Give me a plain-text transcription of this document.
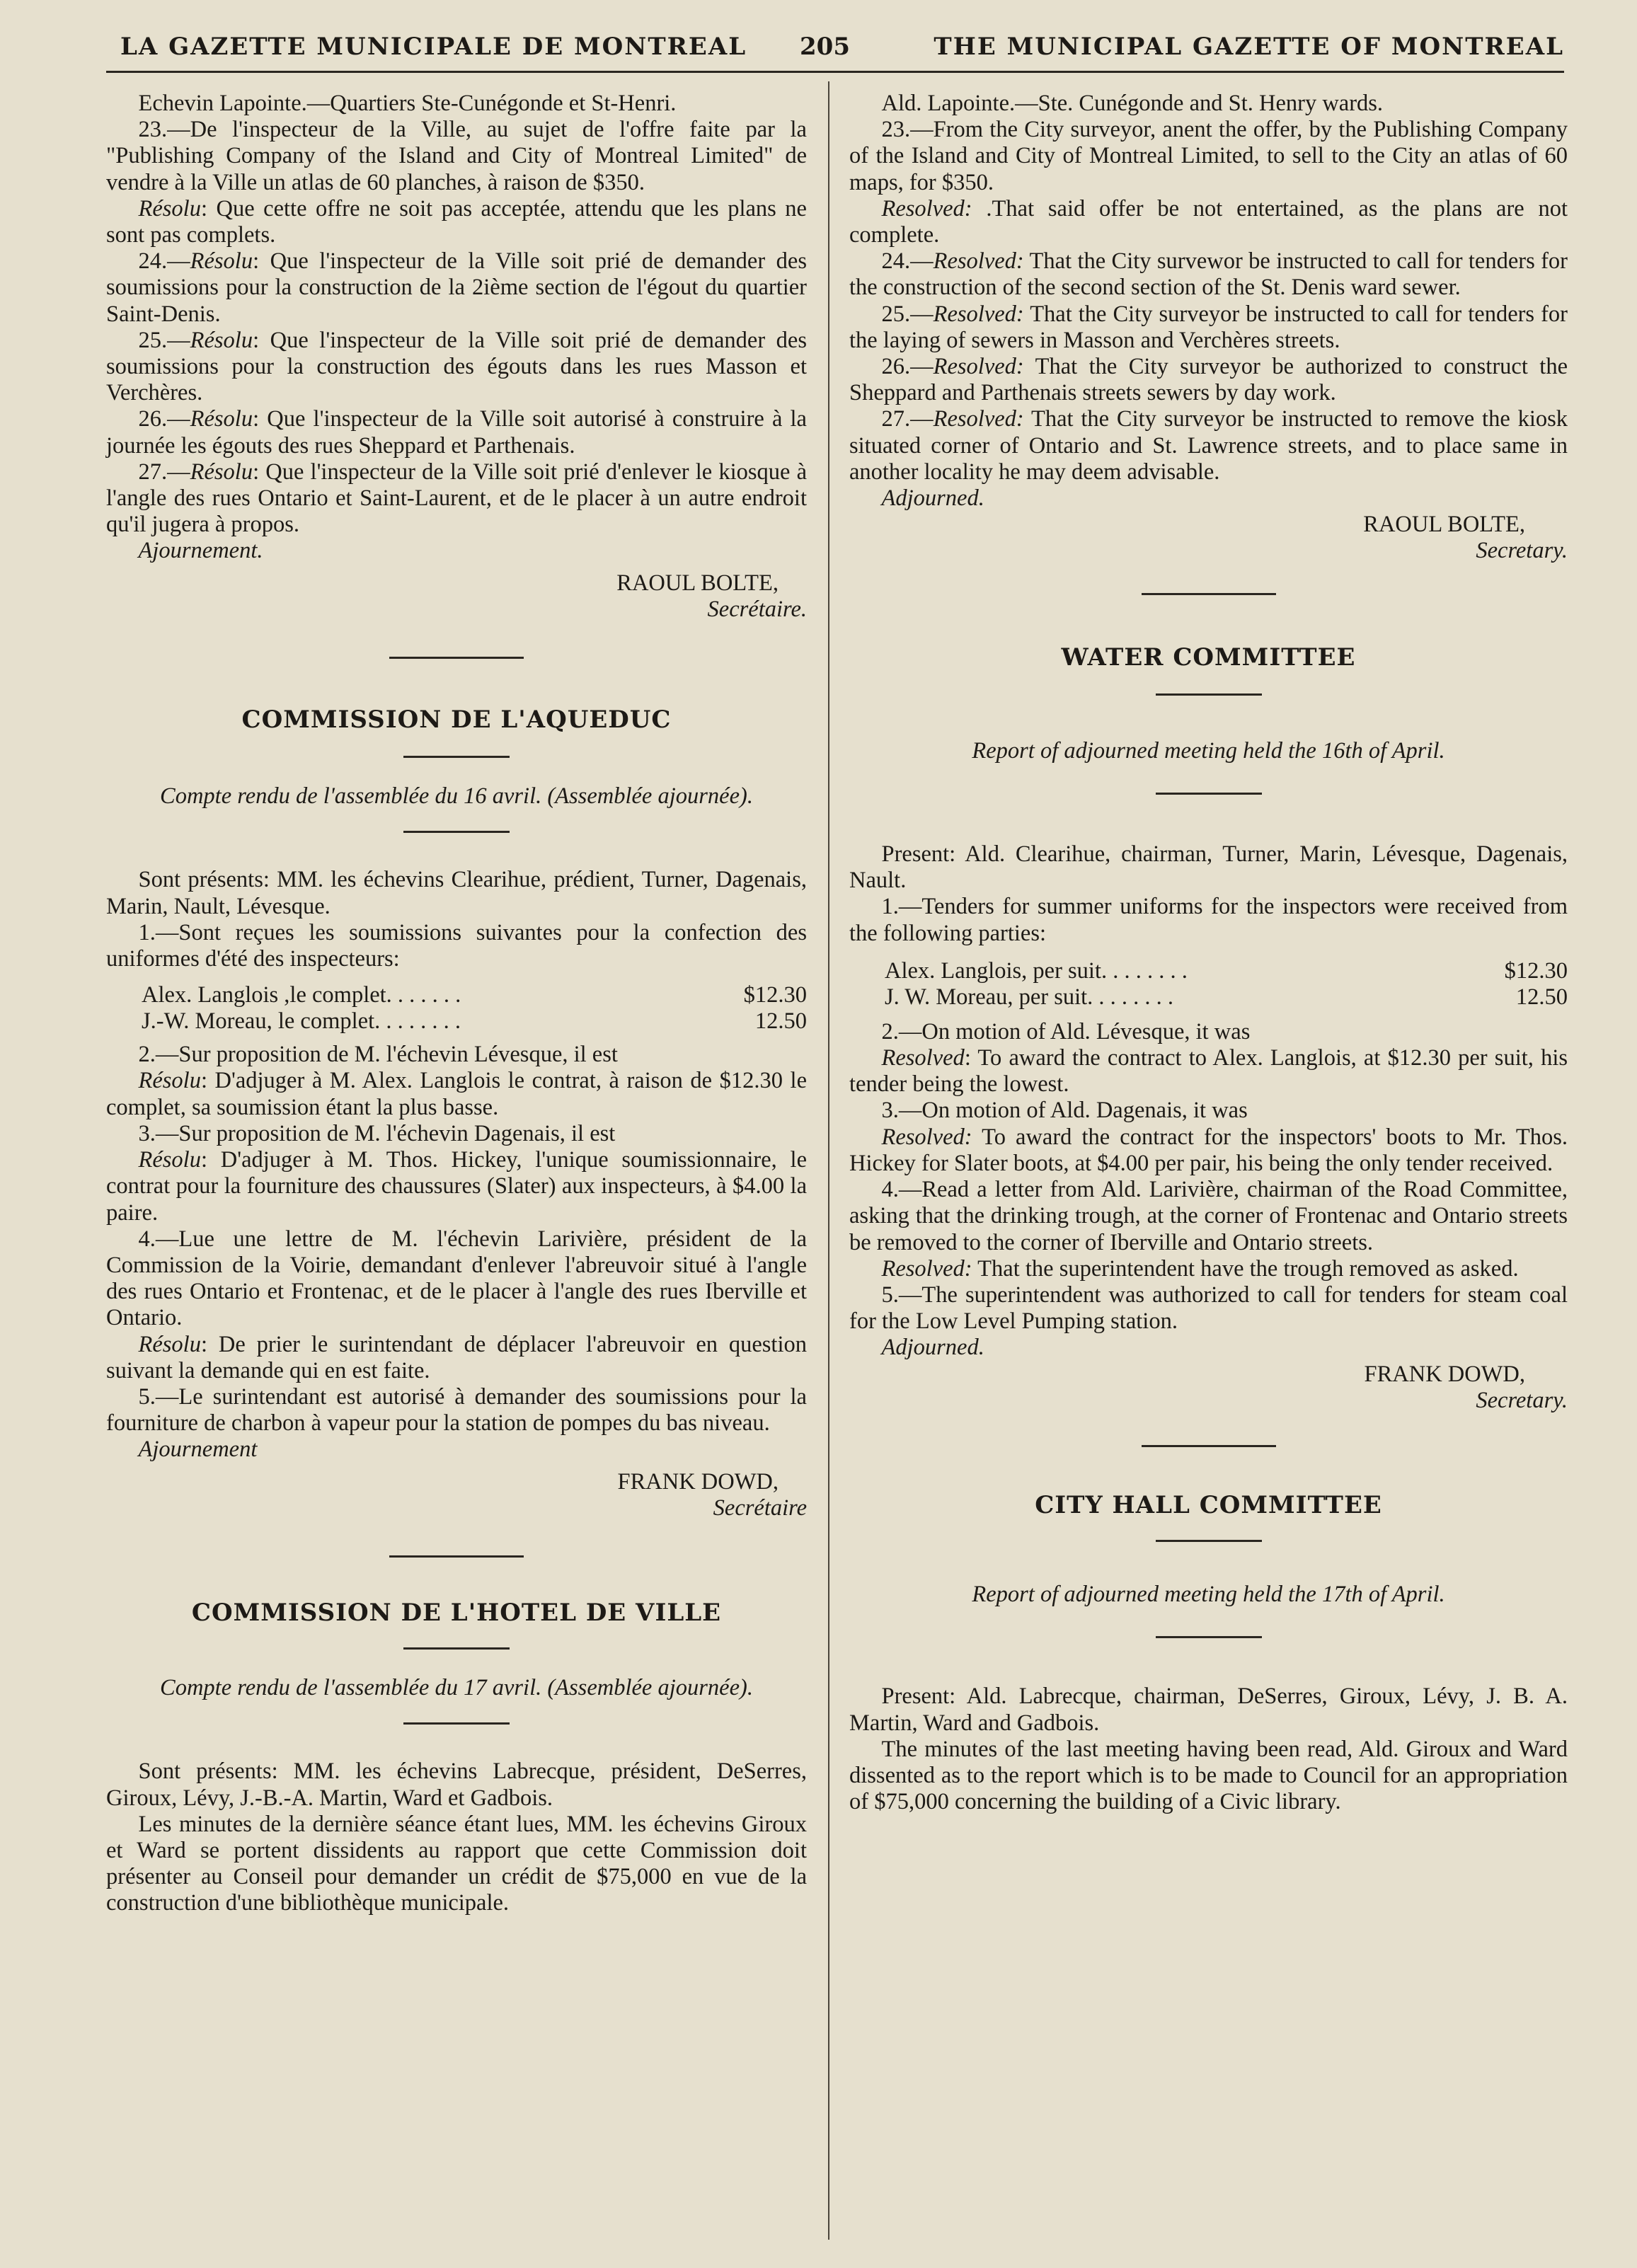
LA GAZETTE MUNICIPALE DE MONTREAL 205	THE MUNICIPAL GAZETTE OF MONTREAL

Echevin Lapointe.—Quartiers Ste-Cunégonde et St-Henri.

23.—De l'inspecteur de la Ville, au sujet de l'offre faite par la "Publishing Company of the Island and City of Montreal Limited" de vendre à la Ville un atlas de 60 planches, à raison de $350.

Résolu: Que cette offre ne soit pas acceptée, attendu que les plans ne sont pas complets.

24.—Résolu: Que l'inspecteur de la Ville soit prié de demander des soumissions pour la construction de la 2ième section de l'égout du quartier Saint-Denis.

25.—Résolu: Que l'inspecteur de la Ville soit prié de demander des soumissions pour la construction des égouts dans les rues Masson et Verchères.

26.—Résolu: Que l'inspecteur de la Ville soit autorisé à construire à la journée les égouts des rues Sheppard et Parthenais.

27.—Résolu: Que l'inspecteur de la Ville soit prié d'enlever le kiosque à l'angle des rues Ontario et Saint-Laurent, et de le placer à un autre endroit qu'il jugera à propos.

Ajournement.

RAOUL BOLTE,

Secrétaire.

COMMISSION DE L'AQUEDUC

Compte rendu de l'assemblée du 16 avril. (Assemblée ajournée).

Sont présents: MM. les échevins Clearihue, prédient, Turner, Dagenais, Marin, Nault, Lévesque.

1.—Sont reçues les soumissions suivantes pour la confection des uniformes d'été des inspecteurs:

Alex. Langlois ,le complet. . . . . . .	$12.30
J.-W. Moreau, le complet. . . . . . . .	12.50

2.—Sur proposition de M. l'échevin Lévesque, il est

Résolu: D'adjuger à M. Alex. Langlois le contrat, à raison de $12.30 le complet, sa soumission étant la plus basse.

3.—Sur proposition de M. l'échevin Dagenais, il est

Résolu: D'adjuger à M. Thos. Hickey, l'unique soumissionnaire, le contrat pour la fourniture des chaussures (Slater) aux inspecteurs, à $4.00 la paire.

4.—Lue une lettre de M. l'échevin Larivière, président de la Commission de la Voirie, demandant d'enlever l'abreuvoir situé à l'angle des rues Ontario et Frontenac, et de le placer à l'angle des rues Iberville et Ontario.

Résolu: De prier le surintendant de déplacer l'abreuvoir en question suivant la demande qui en est faite.

5.—Le surintendant est autorisé à demander des soumissions pour la fourniture de charbon à vapeur pour la station de pompes du bas niveau.

Ajournement

FRANK DOWD,

Secrétaire

COMMISSION DE L'HOTEL DE VILLE

Compte rendu de l'assemblée du 17 avril. (Assemblée ajournée).

Sont présents: MM. les échevins Labrecque, président, DeSerres, Giroux, Lévy, J.-B.-A. Martin, Ward et Gadbois.

Les minutes de la dernière séance étant lues, MM. les échevins Giroux et Ward se portent dissidents au rapport que cette Commission doit présenter au Conseil pour demander un crédit de $75,000 en vue de la construction d'une bibliothèque municipale.

Ald. Lapointe.—Ste. Cunégonde and St. Henry wards.

23.—From the City surveyor, anent the offer, by the Publishing Company of the Island and City of Montreal Limited, to sell to the City an atlas of 60 maps, for $350.

Resolved: .That said offer be not entertained, as the plans are not complete.

24.—Resolved: That the City survewor be instructed to call for tenders for the construction of the second section of the St. Denis ward sewer.

25.—Resolved: That the City surveyor be instructed to call for tenders for the laying of sewers in Masson and Verchères streets.

26.—Resolved: That the City surveyor be authorized to construct the Sheppard and Parthenais streets sewers by day work.

27.—Resolved: That the City surveyor be instructed to remove the kiosk situated corner of Ontario and St. Lawrence streets, and to place same in another locality he may deem advisable.

Adjourned.

RAOUL BOLTE,

Secretary.

WATER COMMITTEE

Report of adjourned meeting held the 16th of April.

Present: Ald. Clearihue, chairman, Turner, Marin, Lévesque, Dagenais, Nault.

1.—Tenders for summer uniforms for the inspectors were received from the following parties:

Alex. Langlois, per suit. . . . . . . .	$12.30
J. W. Moreau, per suit. . . . . . . .	12.50

2.—On motion of Ald. Lévesque, it was

Resolved: To award the contract to Alex. Langlois, at $12.30 per suit, his tender being the lowest.

3.—On motion of Ald. Dagenais, it was

Resolved: To award the contract for the inspectors' boots to Mr. Thos. Hickey for Slater boots, at $4.00 per pair, his being the only tender received.

4.—Read a letter from Ald. Larivière, chairman of the Road Committee, asking that the drinking trough, at the corner of Frontenac and Ontario streets be removed to the corner of Iberville and Ontario streets.

Resolved: That the superintendent have the trough removed as asked.

5.—The superintendent was authorized to call for tenders for steam coal for the Low Level Pumping station.

Adjourned.

FRANK DOWD,

Secretary.

CITY HALL COMMITTEE

Report of adjourned meeting held the 17th of April.

Present: Ald. Labrecque, chairman, DeSerres, Giroux, Lévy, J. B. A. Martin, Ward and Gadbois.

The minutes of the last meeting having been read, Ald. Giroux and Ward dissented as to the report which is to be made to Council for an appropriation of $75,000 concerning the building of a Civic library.
